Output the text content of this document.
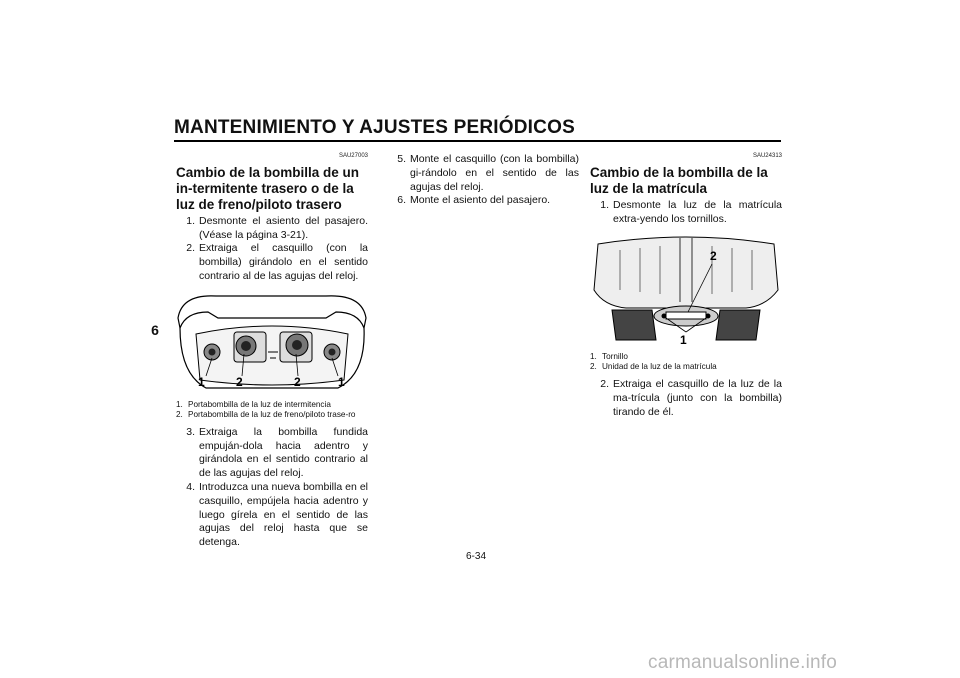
MANTENIMIENTO Y AJUSTES PERIÓDICOS
6
SAU27003
Cambio de la bombilla de un in-termitente trasero o de la luz de freno/piloto trasero
1. Desmonte el asiento del pasajero. (Véase la página 3-21).
2. Extraiga el casquillo (con la bombilla) girándolo en el sentido contrario al de las agujas del reloj.
1	2	2	1
1. Portabombilla de la luz de intermitencia
2. Portabombilla de la luz de freno/piloto trase-ro
3. Extraiga la bombilla fundida empuján-dola hacia adentro y girándola en el sentido contrario al de las agujas del reloj.
4. Introduzca una nueva bombilla en el casquillo, empújela hacia adentro y luego gírela en el sentido de las agujas del reloj hasta que se detenga.
5. Monte el casquillo (con la bombilla) gi-rándolo en el sentido de las agujas del reloj.
6. Monte el asiento del pasajero.
SAU24313
Cambio de la bombilla de la luz de la matrícula
1. Desmonte la luz de la matrícula extra-yendo los tornillos.
2
1
1. Tornillo
2. Unidad de la luz de la matrícula
2. Extraiga el casquillo de la luz de la ma-trícula (junto con la bombilla) tirando de él.
6-34
carmanualsonline.info
